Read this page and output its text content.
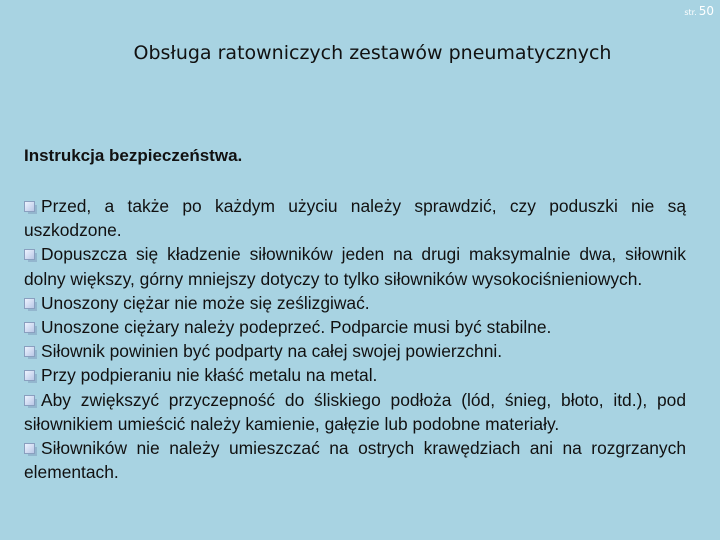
str. 50
Obsługa ratowniczych zestawów pneumatycznych
Instrukcja bezpieczeństwa.
Przed, a także po każdym użyciu należy sprawdzić, czy poduszki nie są uszkodzone.
Dopuszcza się kładzenie siłowników jeden na drugi maksymalnie dwa, siłownik dolny większy, górny mniejszy dotyczy to tylko siłowników wysokociśnieniowych.
Unoszony ciężar nie może się ześlizgiwać.
Unoszone ciężary należy podeprzeć. Podparcie musi być stabilne.
Siłownik powinien być podparty na całej swojej powierzchni.
Przy podpieraniu nie kłaść metalu na metal.
Aby zwiększyć przyczepność do śliskiego podłoża (lód, śnieg, błoto, itd.), pod siłownikiem umieścić należy kamienie, gałęzie lub podobne materiały.
Siłowników nie należy umieszczać na ostrych krawędziach ani na rozgrzanych elementach.
